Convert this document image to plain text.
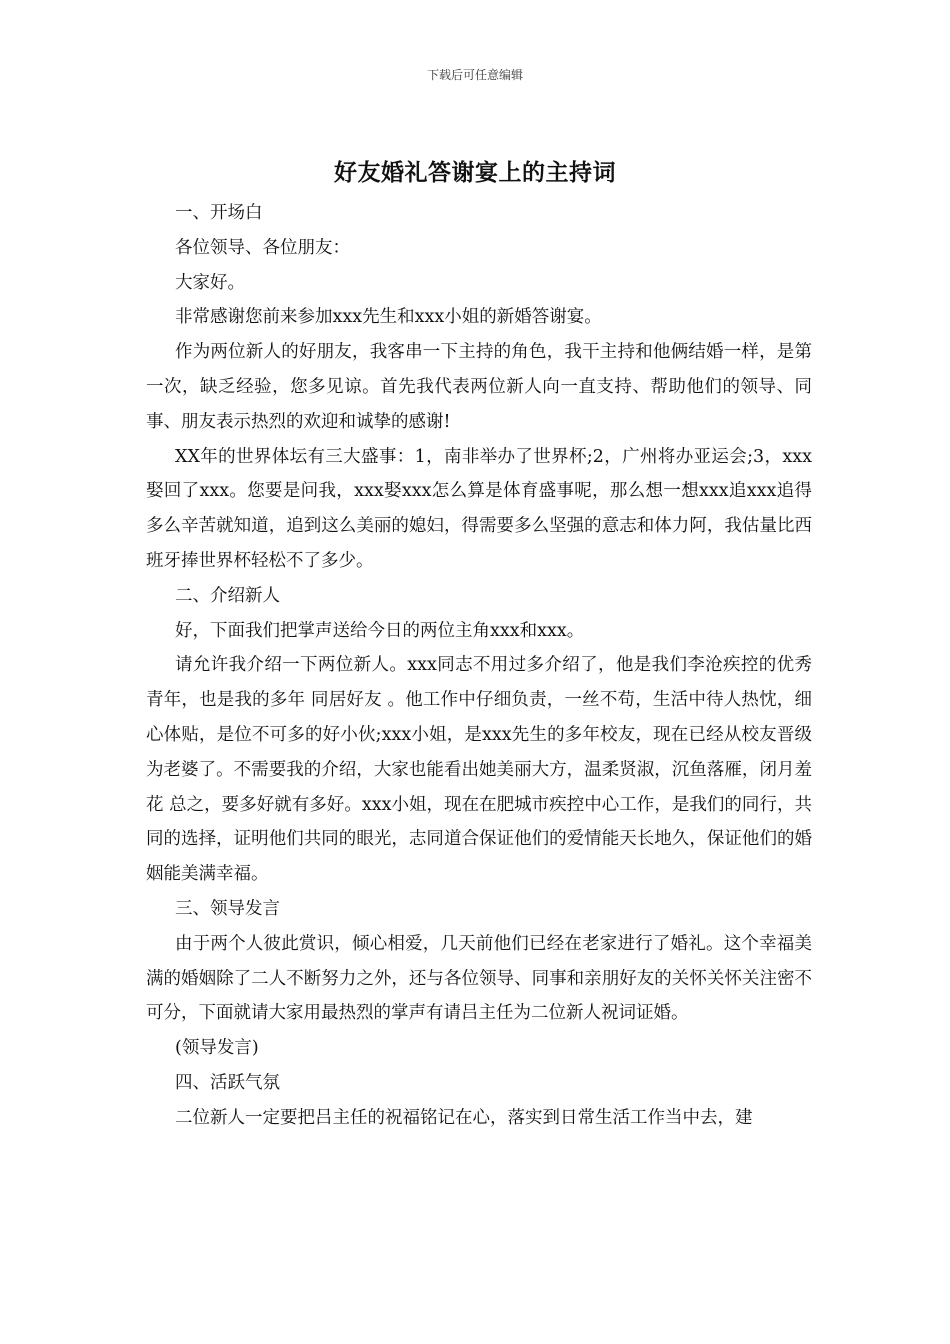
下载后可任意编辑
好友婚礼答谢宴上的主持词

一、开场白

各位领导、各位朋友：

大家好。

非常感谢您前来参加xxx先生和xxx小姐的新婚答谢宴。

作为两位新人的好朋友，我客串一下主持的角色，我干主持和他俩结婚一样，是第一次，缺乏经验，您多见谅。首先我代表两位新人向一直支持、帮助他们的领导、同事、朋友表示热烈的欢迎和诚挚的感谢!

XX年的世界体坛有三大盛事：1，南非举办了世界杯;2，广州将办亚运会;3，xxx娶回了xxx。您要是问我，xxx娶xxx怎么算是体育盛事呢，那么想一想xxx追xxx追得多么辛苦就知道，追到这么美丽的媳妇，得需要多么坚强的意志和体力阿，我估量比西班牙捧世界杯轻松不了多少。

二、介绍新人

好，下面我们把掌声送给今日的两位主角xxx和xxx。

请允许我介绍一下两位新人。xxx同志不用过多介绍了，他是我们李沧疾控的优秀青年，也是我的多年 同居好友 。他工作中仔细负责，一丝不苟，生活中待人热忱，细心体贴，是位不可多的好小伙;xxx小姐，是xxx先生的多年校友，现在已经从校友晋级为老婆了。不需要我的介绍，大家也能看出她美丽大方，温柔贤淑，沉鱼落雁，闭月羞花 总之，要多好就有多好。xxx小姐，现在在肥城市疾控中心工作，是我们的同行，共同的选择，证明他们共同的眼光，志同道合保证他们的爱情能天长地久，保证他们的婚姻能美满幸福。

三、领导发言

由于两个人彼此赏识，倾心相爱，几天前他们已经在老家进行了婚礼。这个幸福美满的婚姻除了二人不断努力之外，还与各位领导、同事和亲朋好友的关怀关怀关注密不可分，下面就请大家用最热烈的掌声有请吕主任为二位新人祝词证婚。

(领导发言)

四、活跃气氛

二位新人一定要把吕主任的祝福铭记在心，落实到日常生活工作当中去，建
